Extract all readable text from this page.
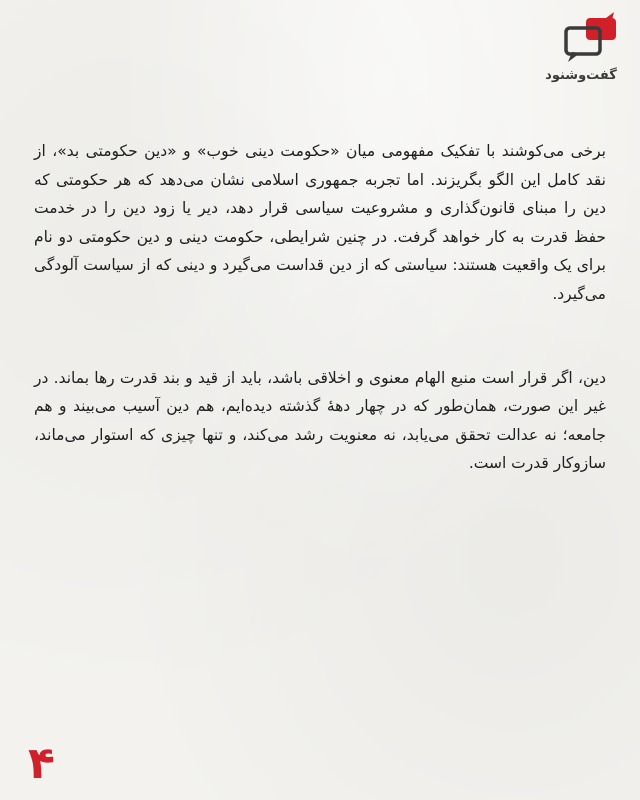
گفت‌وشنود

برخی می‌کوشند با تفکیک مفهومی میان «حکومت دینی خوب» و «دین حکومتی بد»، از نقد کامل این الگو بگریزند. اما تجربه جمهوری اسلامی نشان می‌دهد که هر حکومتی که دین را مبنای قانون‌گذاری و مشروعیت سیاسی قرار دهد، دیر یا زود دین را در خدمت حفظ قدرت به کار خواهد گرفت. در چنین شرایطی، حکومت دینی و دین حکومتی دو نام برای یک واقعیت هستند: سیاستی که از دین قداست می‌گیرد و دینی که از سیاست آلودگی می‌گیرد.

دین، اگر قرار است منبع الهام معنوی و اخلاقی باشد، باید از قید و بند قدرت رها بماند. در غیر این صورت، همان‌طور که در چهار دههٔ گذشته دیده‌ایم، هم دین آسیب می‌بیند و هم جامعه؛ نه عدالت تحقق می‌یابد، نه معنویت رشد می‌کند، و تنها چیزی که استوار می‌ماند، سازوکار قدرت است.

۴
